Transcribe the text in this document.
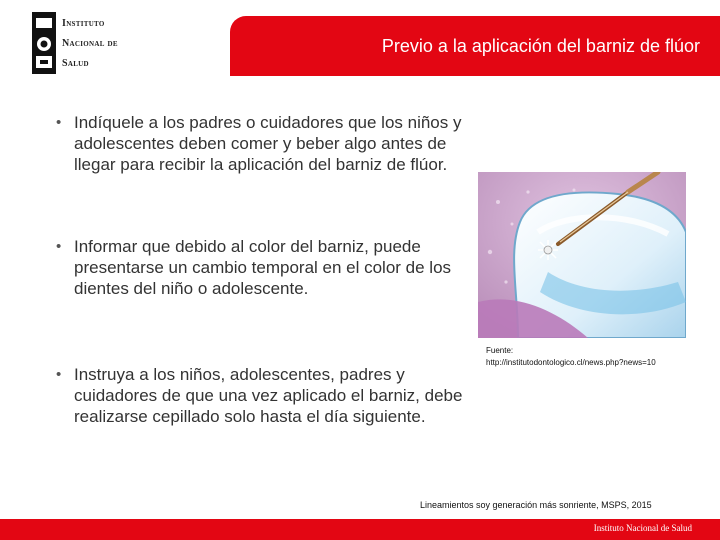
Instituto
Nacional de
Salud
Previo a la aplicación del barniz de flúor
• Indíquele a los padres o cuidadores que los niños y adolescentes deben comer y beber algo antes de llegar para recibir la aplicación del barniz de flúor.
• Informar que debido al color del barniz, puede presentarse un cambio temporal en el color de los dientes del niño o adolescente.
• Instruya a los niños, adolescentes, padres y cuidadores de que una vez aplicado el barniz, debe realizarse cepillado solo hasta el día siguiente.
Fuente:
http://institutodontologico.cl/news.php?news=10
Lineamientos soy generación más sonriente, MSPS, 2015
Instituto Nacional de Salud
